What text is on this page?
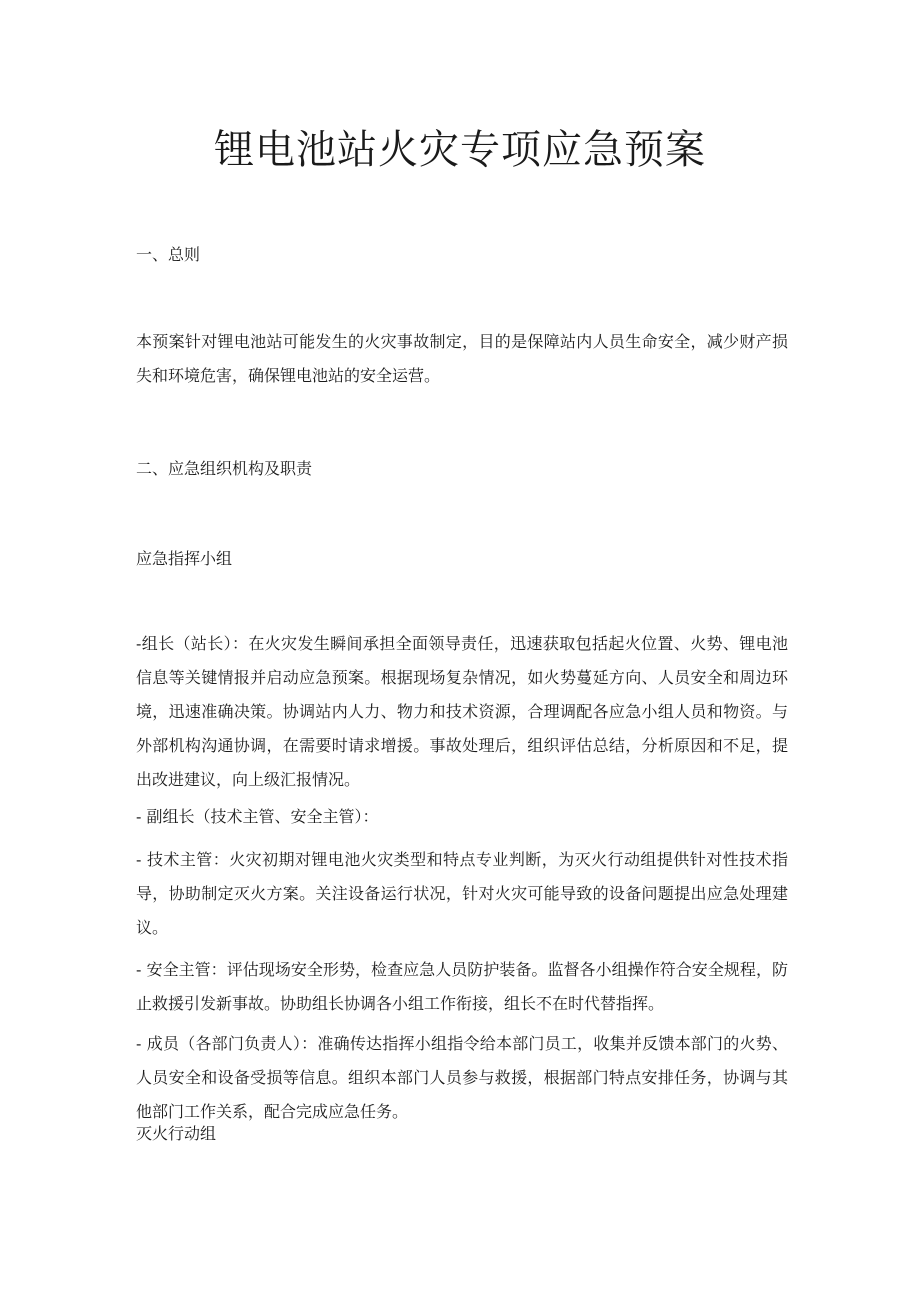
锂电池站火灾专项应急预案

一、总则

本预案针对锂电池站可能发生的火灾事故制定，目的是保障站内人员生命安全，减少财产损失和环境危害，确保锂电池站的安全运营。

二、应急组织机构及职责

应急指挥小组

-组长（站长）：在火灾发生瞬间承担全面领导责任，迅速获取包括起火位置、火势、锂电池信息等关键情报并启动应急预案。根据现场复杂情况，如火势蔓延方向、人员安全和周边环境，迅速准确决策。协调站内人力、物力和技术资源，合理调配各应急小组人员和物资。与外部机构沟通协调，在需要时请求增援。事故处理后，组织评估总结，分析原因和不足，提出改进建议，向上级汇报情况。

- 副组长（技术主管、安全主管）：

- 技术主管：火灾初期对锂电池火灾类型和特点专业判断，为灭火行动组提供针对性技术指导，协助制定灭火方案。关注设备运行状况，针对火灾可能导致的设备问题提出应急处理建议。

- 安全主管：评估现场安全形势，检查应急人员防护装备。监督各小组操作符合安全规程，防止救援引发新事故。协助组长协调各小组工作衔接，组长不在时代替指挥。

- 成员（各部门负责人）：准确传达指挥小组指令给本部门员工，收集并反馈本部门的火势、人员安全和设备受损等信息。组织本部门人员参与救援，根据部门特点安排任务，协调与其他部门工作关系，配合完成应急任务。

灭火行动组
